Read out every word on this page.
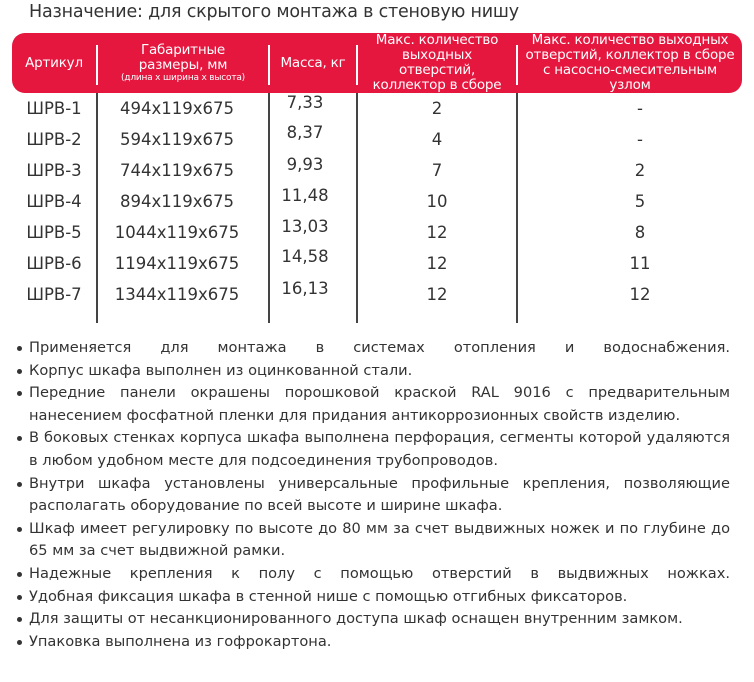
Назначение: для скрытого монтажа в стеновую нишу
Артикул
Габаритные размеры, мм
(длина х ширина х высота)
Масса, кг
Макс. количество выходных отверстий, коллектор в сборе
Макс. количество выходных отверстий, коллектор в сборе с насосно-смесительным узлом
ШРВ-1	494x119x675	7,33	2	-
ШРВ-2	594x119x675	8,37	4	-
ШРВ-3	744x119x675	9,93	7	2
ШРВ-4	894x119x675	11,48	10	5
ШРВ-5	1044x119x675	13,03	12	8
ШРВ-6	1194x119x675	14,58	12	11
ШРВ-7	1344x119x675	16,13	12	12
Применяется для монтажа в системах отопления и водоснабжения.
Корпус шкафа выполнен из оцинкованной стали.
Передние панели окрашены порошковой краской RAL 9016 с предварительным нанесением фосфатной пленки для придания антикоррозионных свойств изделию.
В боковых стенках корпуса шкафа выполнена перфорация, сегменты которой удаляются в любом удобном месте для подсоединения трубопроводов.
Внутри шкафа установлены универсальные профильные крепления, позволяющие располагать оборудование по всей высоте и ширине шкафа.
Шкаф имеет регулировку по высоте до 80 мм за счет выдвижных ножек и по глубине до 65 мм за счет выдвижной рамки.
Надежные крепления к полу с помощью отверстий в выдвижных ножках.
Удобная фиксация шкафа в стенной нише с помощью отгибных фиксаторов.
Для защиты от несанкционированного доступа шкаф оснащен внутренним замком.
Упаковка выполнена из гофрокартона.
